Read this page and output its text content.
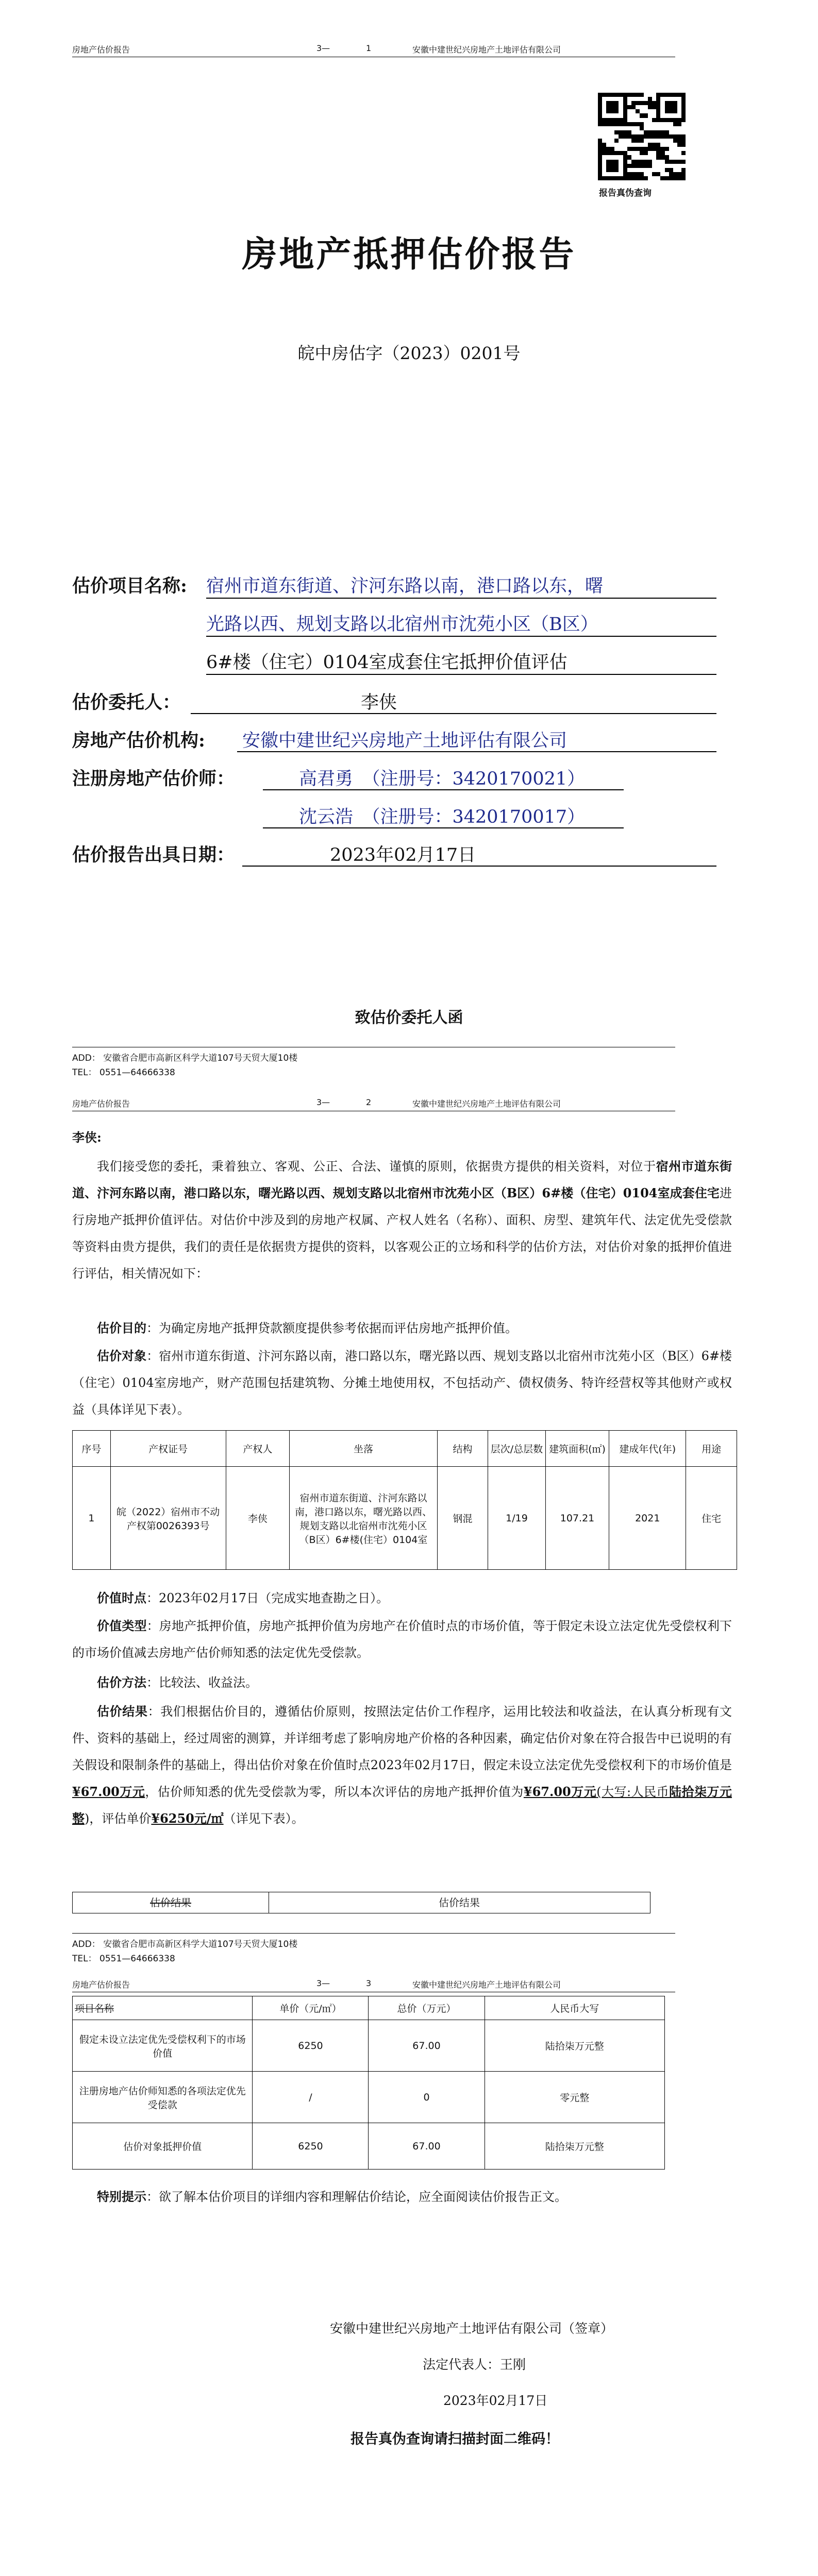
房地产估价报告	3—	1	安徽中建世纪兴房地产土地评估有限公司
报告真伪查询
房地产抵押估价报告
皖中房估字（2023）0201号
估价项目名称: 宿州市道东街道、汴河东路以南，港口路以东，曙
光路以西、规划支路以北宿州市沈苑小区（B区）
6#楼（住宅）0104室成套住宅抵押价值评估
估价委托人：	李侠
房地产估价机构: 安徽中建世纪兴房地产土地评估有限公司
注册房地产估价师：	高君勇　（注册号：3420170021）
沈云浩　（注册号：3420170017）
估价报告出具日期：	2023年02月17日
致估价委托人函
ADD： 安徽省合肥市高新区科学大道107号天贸大厦10楼
TEL： 0551—64666338
房地产估价报告	3—	2	安徽中建世纪兴房地产土地评估有限公司
李侠:
我们接受您的委托，秉着独立、客观、公正、合法、谨慎的原则，依据贵方提供的相关资料，对位于宿州市道东街道、汴河东路以南，港口路以东，曙光路以西、规划支路以北宿州市沈苑小区（B区）6#楼（住宅）0104室成套住宅进行房地产抵押价值评估。对估价中涉及到的房地产权属、产权人姓名（名称）、面积、房型、建筑年代、法定优先受偿款等资料由贵方提供，我们的责任是依据贵方提供的资料，以客观公正的立场和科学的估价方法，对估价对象的抵押价值进行评估，相关情况如下：
估价目的：为确定房地产抵押贷款额度提供参考依据而评估房地产抵押价值。
估价对象：宿州市道东街道、汴河东路以南，港口路以东，曙光路以西、规划支路以北宿州市沈苑小区（B区）6#楼（住宅）0104室房地产，财产范围包括建筑物、分摊土地使用权，不包括动产、债权债务、特许经营权等其他财产或权益（具体详见下表）。
序号	产权证号	产权人	坐落	结构	层次/总层数	建筑面积(㎡)	建成年代(年)	用途
1	皖（2022）宿州市不动产权第0026393号	李侠	宿州市道东街道、汴河东路以南，港口路以东，曙光路以西、规划支路以北宿州市沈苑小区（B区）6#楼(住宅）0104室	钢混	1/19	107.21	2021	住宅
价值时点：2023年02月17日（完成实地查勘之日）。
价值类型：房地产抵押价值，房地产抵押价值为房地产在价值时点的市场价值，等于假定未设立法定优先受偿权利下的市场价值减去房地产估价师知悉的法定优先受偿款。
估价方法：比较法、收益法。
估价结果：我们根据估价目的，遵循估价原则，按照法定估价工作程序，运用比较法和收益法，在认真分析现有文件、资料的基础上，经过周密的测算，并详细考虑了影响房地产价格的各种因素，确定估价对象在符合报告中已说明的有关假设和限制条件的基础上，得出估价对象在价值时点2023年02月17日，假定未设立法定优先受偿权利下的市场价值是¥67.00万元，估价师知悉的优先受偿款为零，所以本次评估的房地产抵押价值为¥67.00万元(大写:人民币陆拾柒万元整)，评估单价¥6250元/㎡（详见下表）。
估价结果	估价结果
ADD： 安徽省合肥市高新区科学大道107号天贸大厦10楼
TEL： 0551—64666338
房地产估价报告	3—	3	安徽中建世纪兴房地产土地评估有限公司
项目名称	单价（元/㎡）	总价（万元）	人民币大写
假定未设立法定优先受偿权利下的市场价值	6250	67.00	陆拾柒万元整
注册房地产估价师知悉的各项法定优先受偿款	/	0	零元整
估价对象抵押价值	6250	67.00	陆拾柒万元整
特别提示：欲了解本估价项目的详细内容和理解估价结论，应全面阅读估价报告正文。
安徽中建世纪兴房地产土地评估有限公司（签章）
法定代表人：王刚
2023年02月17日
报告真伪查询请扫描封面二维码！
